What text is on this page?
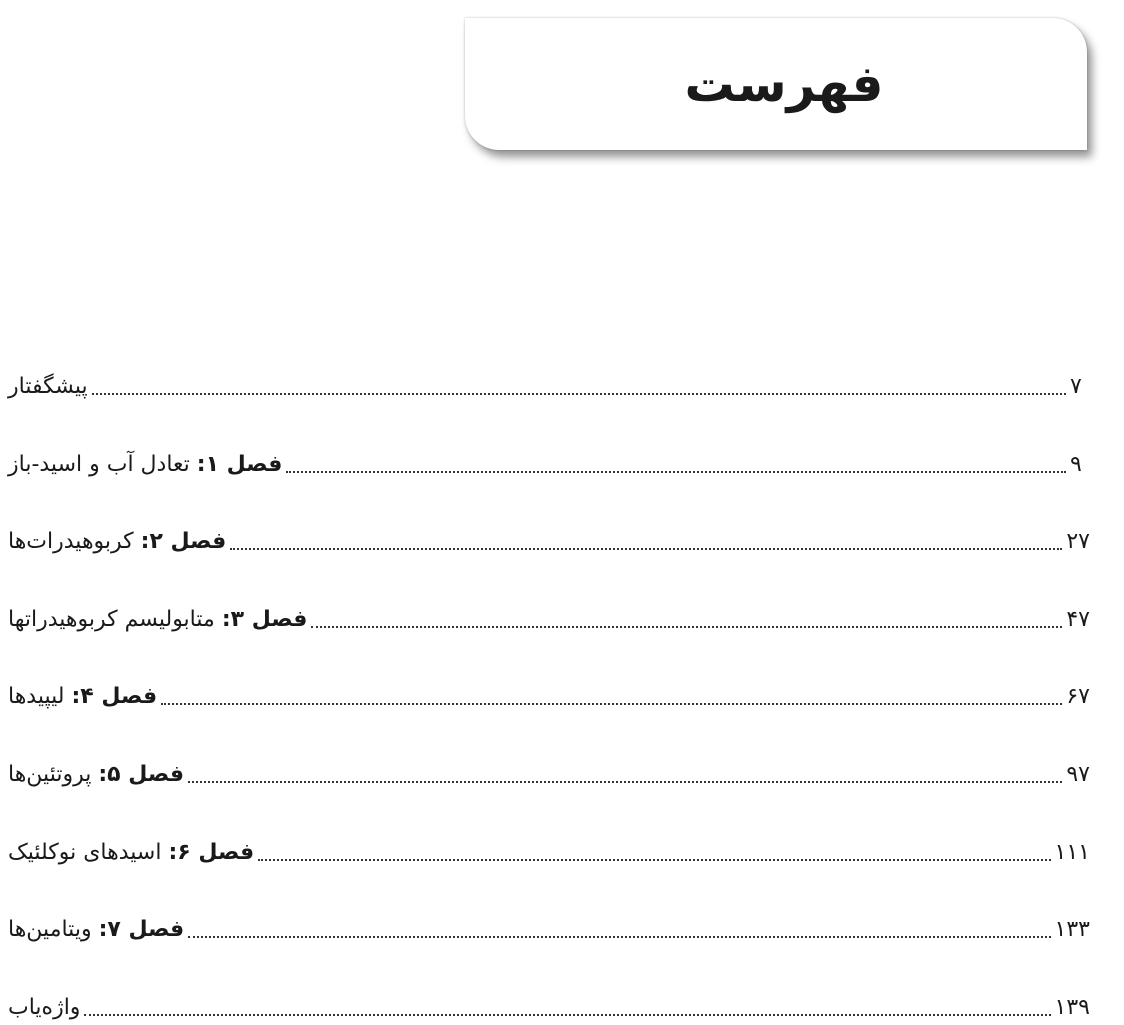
فهرست
پیشگفتار	۷
فصل ۱: تعادل آب و اسید-باز	۹
فصل ۲: کربوهیدرات‌ها	۲۷
فصل ۳: متابولیسم کربوهیدراتها	۴۷
فصل ۴: لیپیدها	۶۷
فصل ۵: پروتئین‌ها	۹۷
فصل ۶: اسیدهای نوکلئیک	۱۱۱
فصل ۷: ویتامین‌ها	۱۳۳
واژه‌یاب	۱۳۹
